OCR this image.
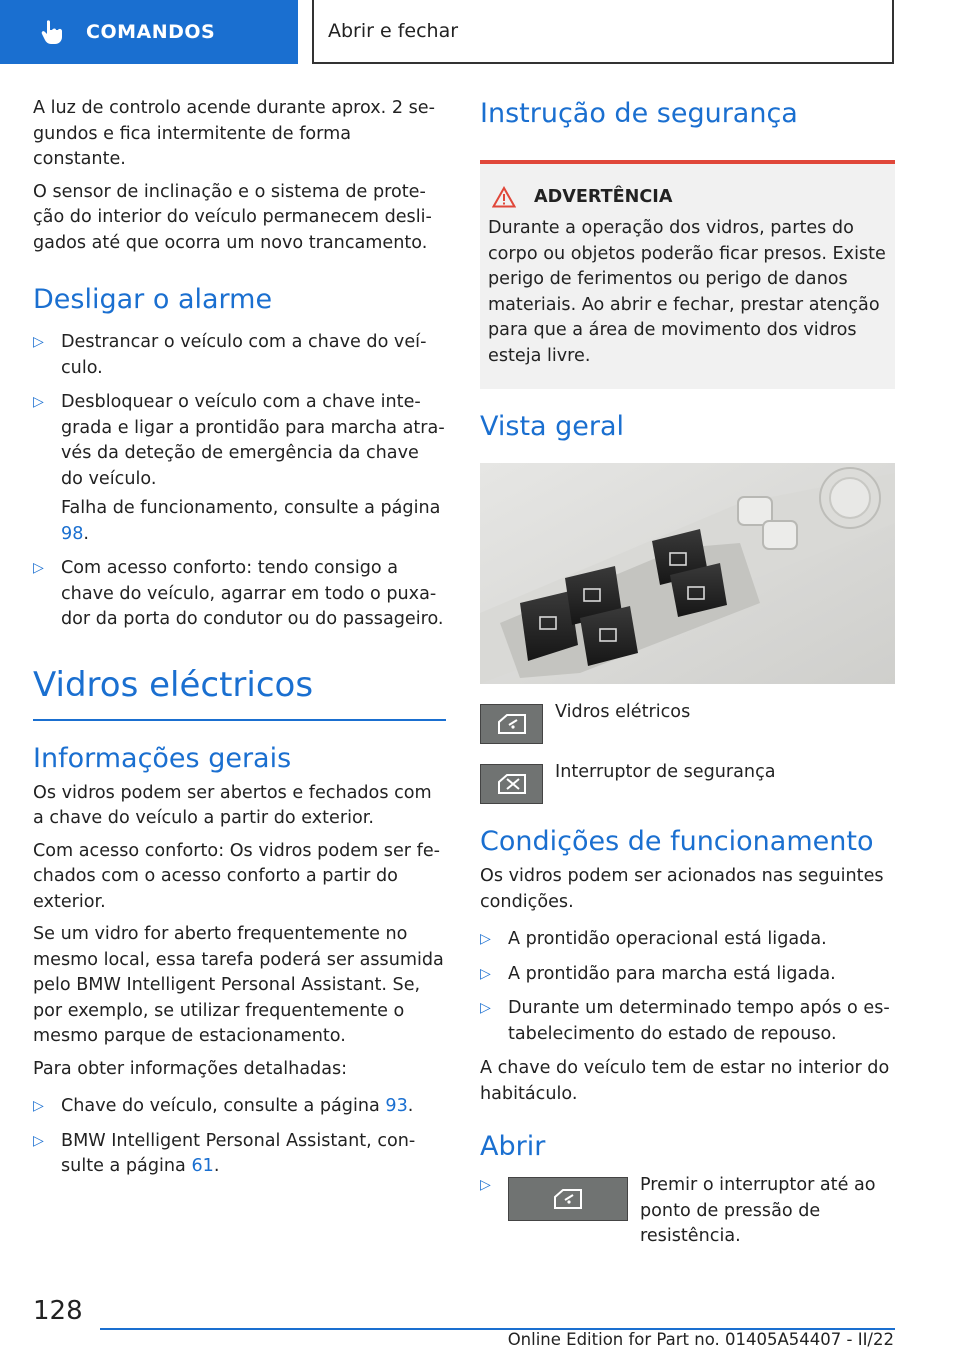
COMANDOS	Abrir e fechar

A luz de controlo acende durante aprox. 2 segundos e fica intermitente de forma constante.

O sensor de inclinação e o sistema de proteção do interior do veículo permanecem desligados até que ocorra um novo trancamento.

Desligar o alarme
▷ Destrancar o veículo com a chave do veículo.
▷ Desbloquear o veículo com a chave integrada e ligar a prontidão para marcha através da deteção de emergência da chave do veículo.
Falha de funcionamento, consulte a página 98.
▷ Com acesso conforto: tendo consigo a chave do veículo, agarrar em todo o puxador da porta do condutor ou do passageiro.
Vidros eléctricos
Informações gerais

Os vidros podem ser abertos e fechados com a chave do veículo a partir do exterior.

Com acesso conforto: Os vidros podem ser fechados com o acesso conforto a partir do exterior.

Se um vidro for aberto frequentemente no mesmo local, essa tarefa poderá ser assumida pelo BMW Intelligent Personal Assistant. Se, por exemplo, se utilizar frequentemente o mesmo parque de estacionamento.

Para obter informações detalhadas:

▷ Chave do veículo, consulte a página 93.
▷ BMW Intelligent Personal Assistant, consulte a página 61.
Instrução de segurança
ADVERTÊNCIA

Durante a operação dos vidros, partes do corpo ou objetos poderão ficar presos. Existe perigo de ferimentos ou perigo de danos materiais. Ao abrir e fechar, prestar atenção para que a área de movimento dos vidros esteja livre.

Vista geral
Vidros elétricos
Interruptor de segurança
Condições de funcionamento

Os vidros podem ser acionados nas seguintes condições.

▷ A prontidão operacional está ligada.
▷ A prontidão para marcha está ligada.
▷ Durante um determinado tempo após o estabelecimento do estado de repouso.

A chave do veículo tem de estar no interior do habitáculo.

Abrir
▷	Premir o interruptor até ao ponto de pressão de resistência.
128
Online Edition for Part no. 01405A54407 - II/22
